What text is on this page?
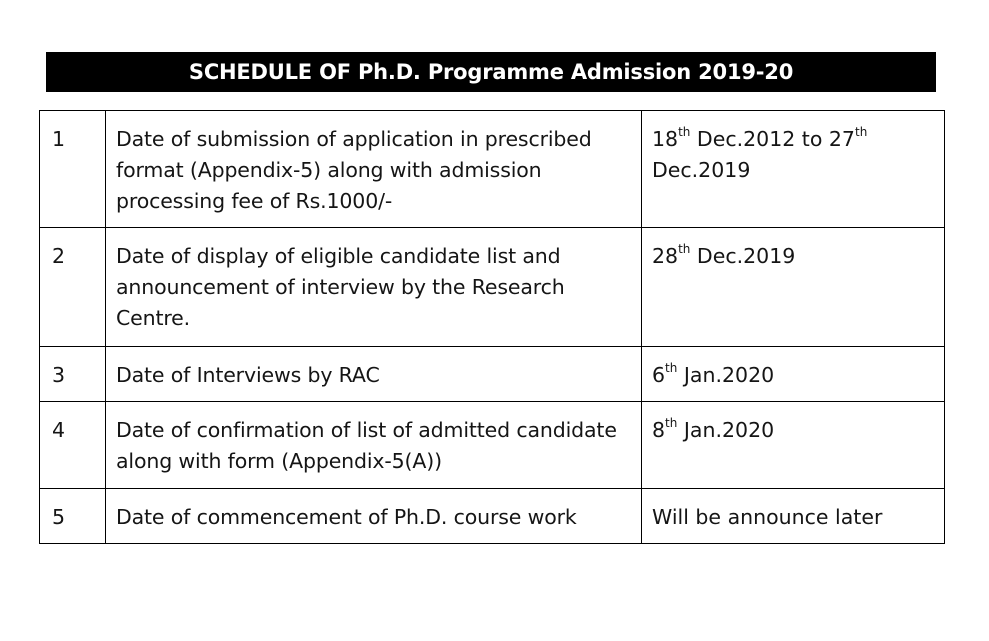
SCHEDULE OF Ph.D. Programme Admission 2019-20
1	Date of submission of application in prescribed format (Appendix-5) along with admission processing fee of Rs.1000/-	18th Dec.2012 to 27th Dec.2019
2	Date of display of eligible candidate list and announcement of interview by the Research Centre.	28th Dec.2019
3	Date of Interviews by RAC	6th Jan.2020
4	Date of confirmation of list of admitted candidate along with form (Appendix-5(A))	8th Jan.2020
5	Date of commencement of Ph.D. course work	Will be announce later
